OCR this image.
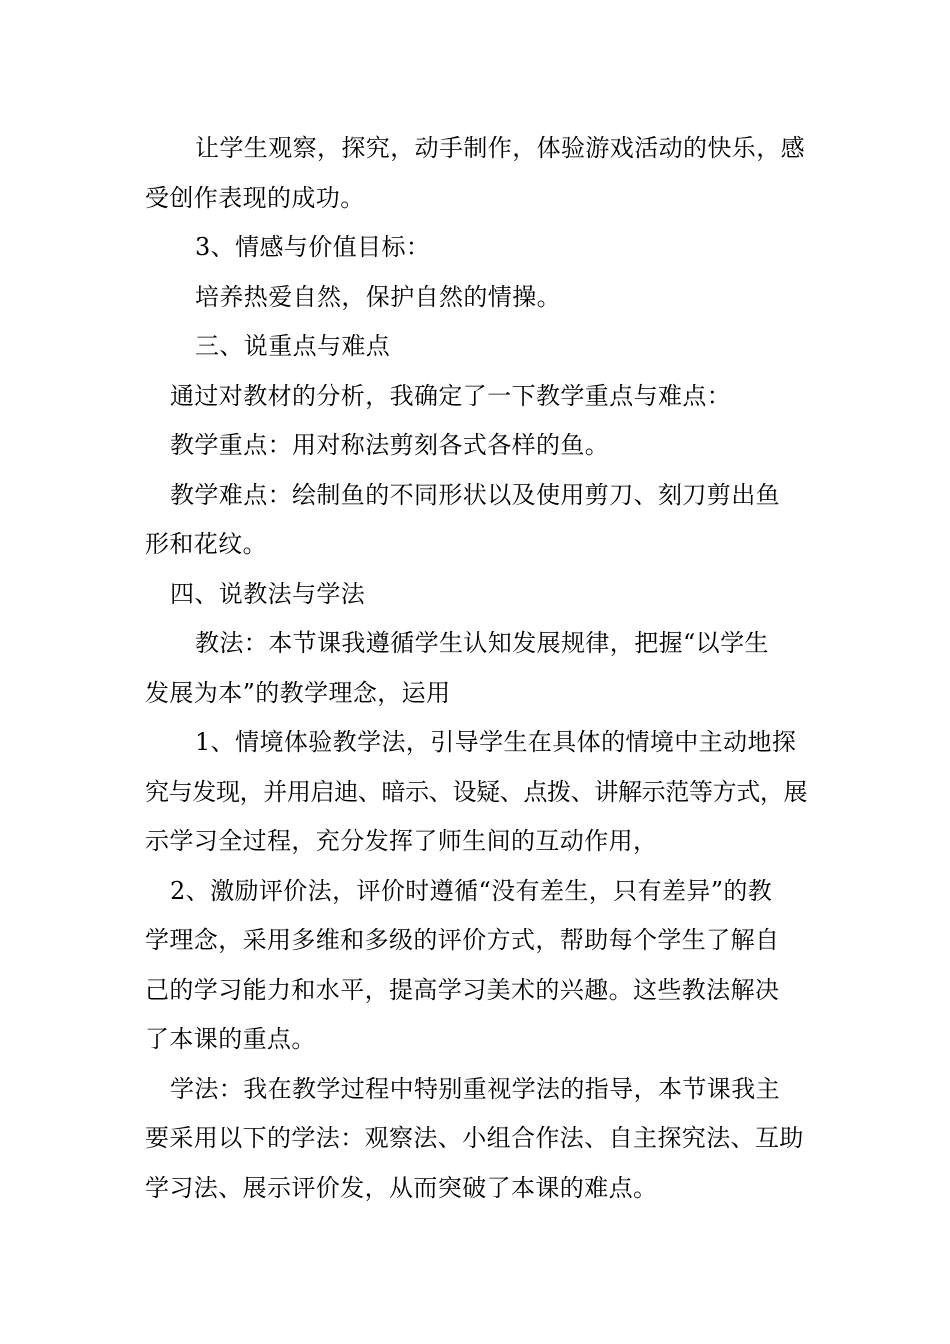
让学生观察，探究，动手制作，体验游戏活动的快乐，感

受创作表现的成功。

3、情感与价值目标：

培养热爱自然，保护自然的情操。

三、说重点与难点

通过对教材的分析，我确定了一下教学重点与难点：

教学重点：用对称法剪刻各式各样的鱼。

教学难点：绘制鱼的不同形状以及使用剪刀、刻刀剪出鱼

形和花纹。

四、说教法与学法

教法：本节课我遵循学生认知发展规律，把握“以学生

发展为本”的教学理念，运用

1、情境体验教学法，引导学生在具体的情境中主动地探

究与发现，并用启迪、暗示、设疑、点拨、讲解示范等方式，展

示学习全过程，充分发挥了师生间的互动作用，

2、激励评价法，评价时遵循“没有差生，只有差异”的教

学理念，采用多维和多级的评价方式，帮助每个学生了解自

己的学习能力和水平，提高学习美术的兴趣。这些教法解决

了本课的重点。

学法：我在教学过程中特别重视学法的指导，本节课我主

要采用以下的学法：观察法、小组合作法、自主探究法、互助

学习法、展示评价发，从而突破了本课的难点。
